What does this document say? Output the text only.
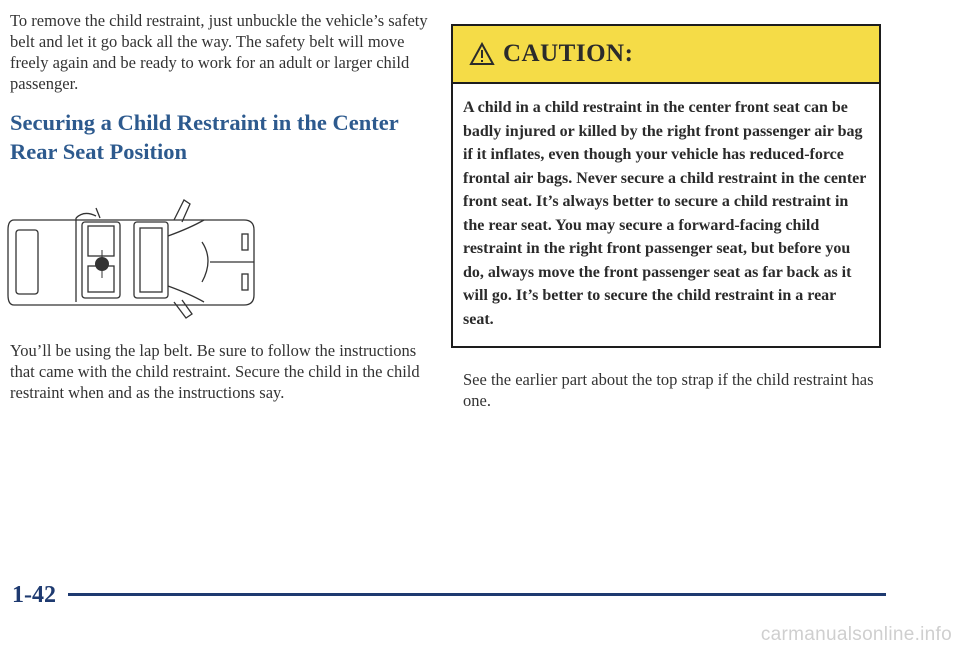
To remove the child restraint, just unbuckle the vehicle’s safety belt and let it go back all the way. The safety belt will move freely again and be ready to work for an adult or larger child passenger.

Securing a Child Restraint in the Center Rear Seat Position

You’ll be using the lap belt. Be sure to follow the instructions that came with the child restraint. Secure the child in the child restraint when and as the instructions say.

CAUTION:
A child in a child restraint in the center front seat can be badly injured or killed by the right front passenger air bag if it inflates, even though your vehicle has reduced-force frontal air bags. Never secure a child restraint in the center front seat. It’s always better to secure a child restraint in the rear seat. You may secure a forward-facing child restraint in the right front passenger seat, but before you do, always move the front passenger seat as far back as it will go. It’s better to secure the child restraint in a rear seat.

See the earlier part about the top strap if the child restraint has one.

1-42
carmanualsonline.info
